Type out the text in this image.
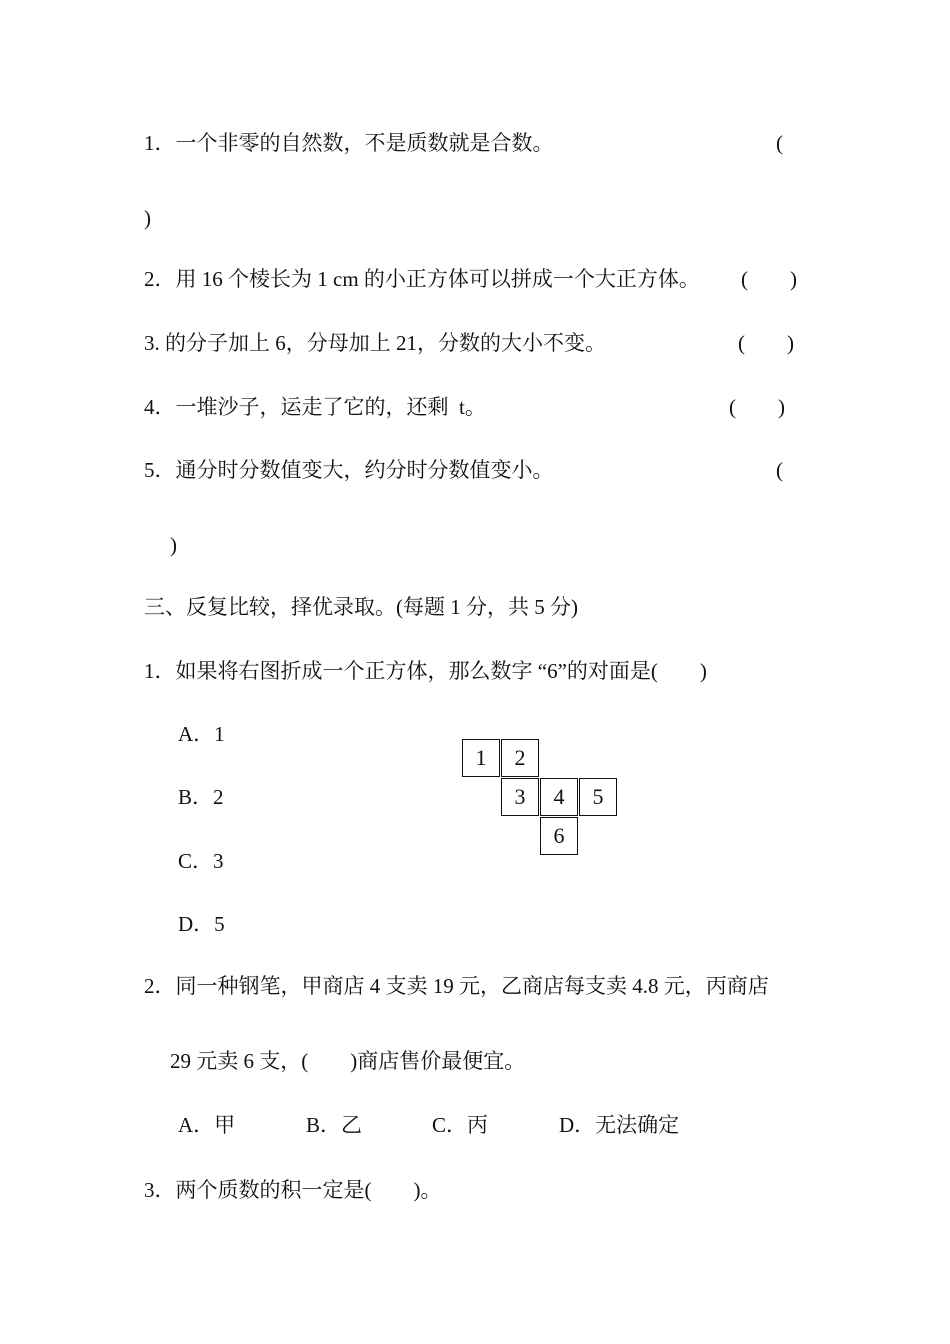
1．一个非零的自然数，不是质数就是合数。	(
)
2．用 16 个棱长为 1 cm 的小正方体可以拼成一个大正方体。 (        )
3. 的分子加上 6，分母加上 21，分数的大小不变。	(        )
4．一堆沙子，运走了它的，还剩  t。	(        )
5．通分时分数值变大，约分时分数值变小。	(
)
三、反复比较，择优录取。(每题 1 分，共 5 分)
1．如果将右图折成一个正方体，那么数字 “6”的对面是(        )
A．1
B．2
C．3
D．5
1	2
3	4	5
6
2．同一种钢笔，甲商店 4 支卖 19 元，乙商店每支卖 4.8 元，丙商店
29 元卖 6 支，(        )商店售价最便宜。
A．甲	B．乙	C．丙	D．无法确定
3．两个质数的积一定是(        )。
